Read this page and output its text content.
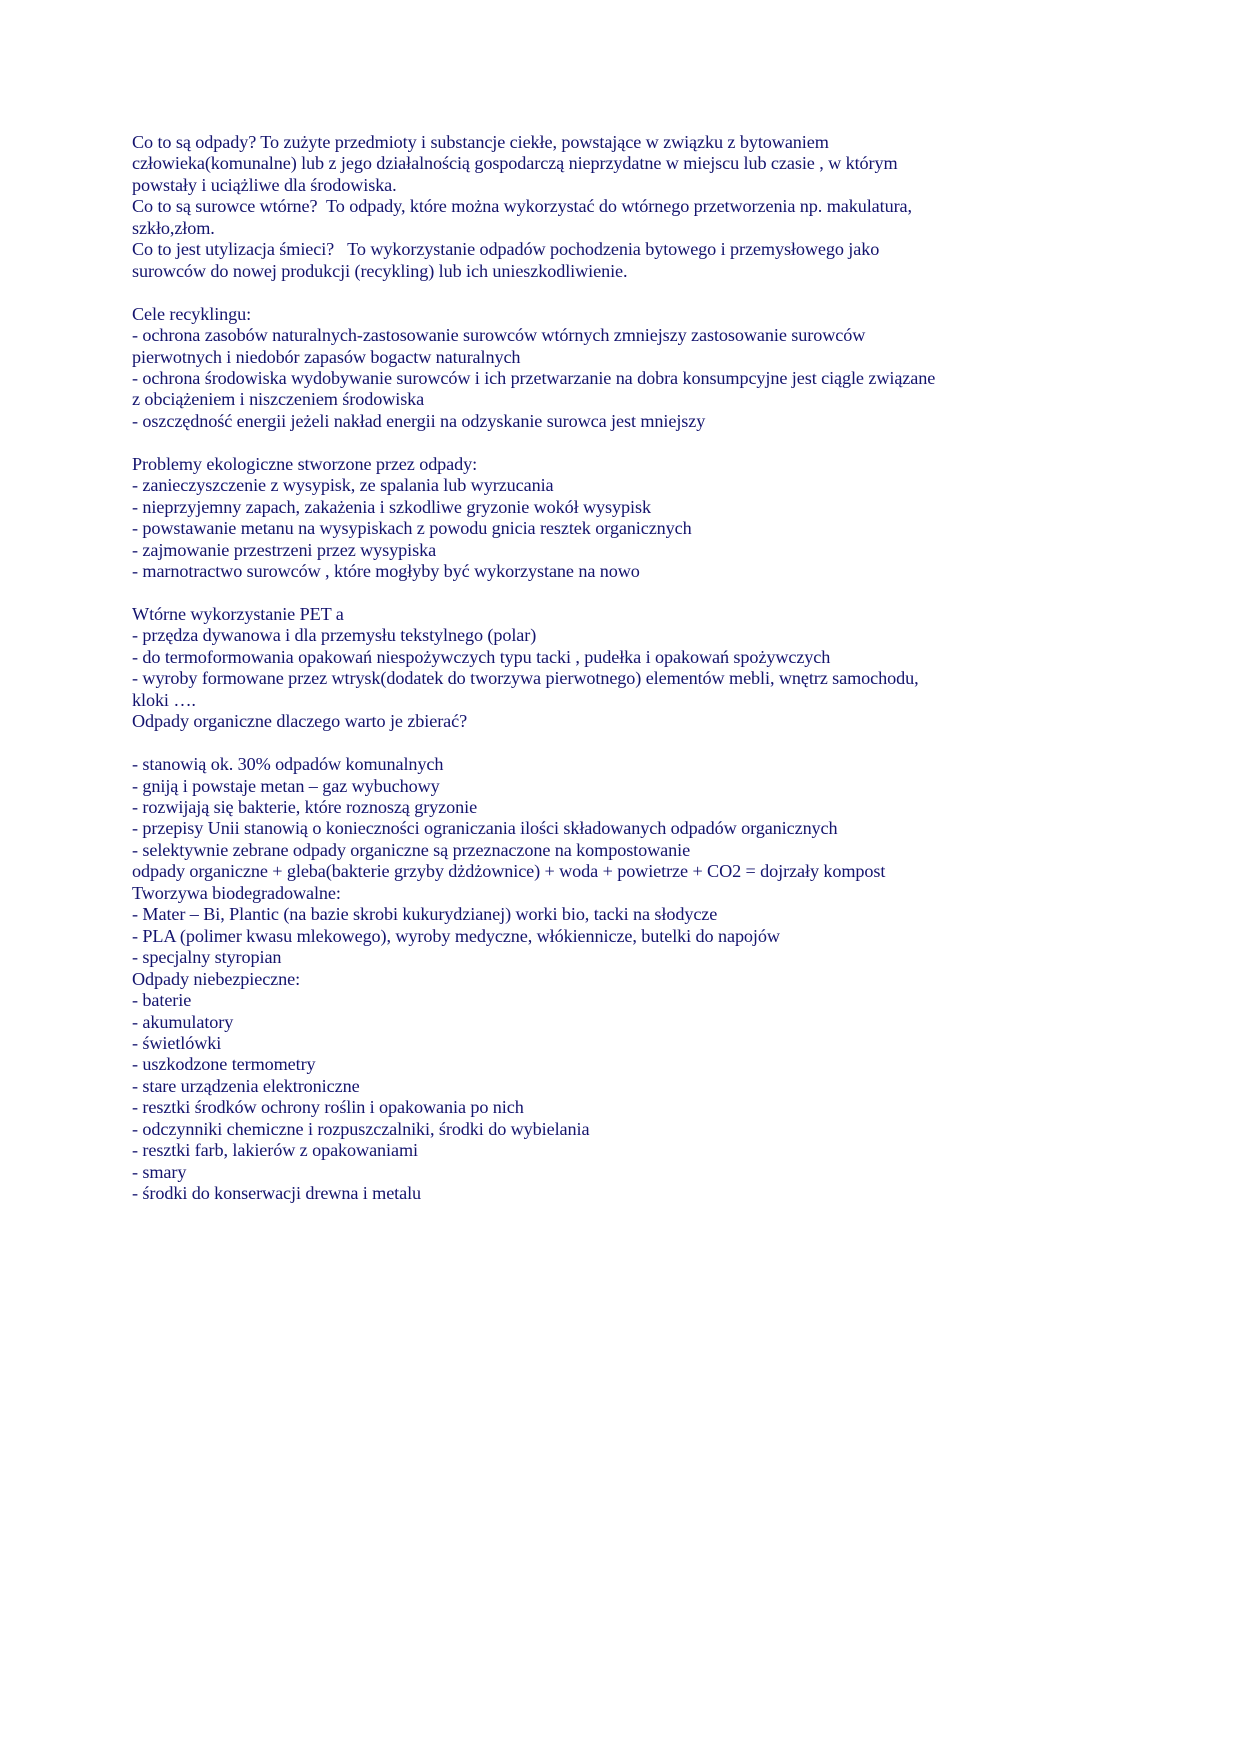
Co to są odpady? To zużyte przedmioty i substancje ciekłe, powstające w związku z bytowaniem
człowieka(komunalne) lub z jego działalnością gospodarczą nieprzydatne w miejscu lub czasie , w którym
powstały i uciążliwe dla środowiska.
Co to są surowce wtórne?  To odpady, które można wykorzystać do wtórnego przetworzenia np. makulatura,
szkło,złom.
Co to jest utylizacja śmieci?   To wykorzystanie odpadów pochodzenia bytowego i przemysłowego jako
surowców do nowej produkcji (recykling) lub ich unieszkodliwienie.
Cele recyklingu:
- ochrona zasobów naturalnych-zastosowanie surowców wtórnych zmniejszy zastosowanie surowców
pierwotnych i niedobór zapasów bogactw naturalnych
- ochrona środowiska wydobywanie surowców i ich przetwarzanie na dobra konsumpcyjne jest ciągle związane
z obciążeniem i niszczeniem środowiska
- oszczędność energii jeżeli nakład energii na odzyskanie surowca jest mniejszy
Problemy ekologiczne stworzone przez odpady:
- zanieczyszczenie z wysypisk, ze spalania lub wyrzucania
- nieprzyjemny zapach, zakażenia i szkodliwe gryzonie wokół wysypisk
- powstawanie metanu na wysypiskach z powodu gnicia resztek organicznych
- zajmowanie przestrzeni przez wysypiska
- marnotractwo surowców , które mogłyby być wykorzystane na nowo
Wtórne wykorzystanie PET a
- przędza dywanowa i dla przemysłu tekstylnego (polar)
- do termoformowania opakowań niespożywczych typu tacki , pudełka i opakowań spożywczych
- wyroby formowane przez wtrysk(dodatek do tworzywa pierwotnego) elementów mebli, wnętrz samochodu,
kloki ….
Odpady organiczne dlaczego warto je zbierać?
- stanowią ok. 30% odpadów komunalnych
- gniją i powstaje metan – gaz wybuchowy
- rozwijają się bakterie, które roznoszą gryzonie
- przepisy Unii stanowią o konieczności ograniczania ilości składowanych odpadów organicznych
- selektywnie zebrane odpady organiczne są przeznaczone na kompostowanie
odpady organiczne + gleba(bakterie grzyby dżdżownice) + woda + powietrze + CO2 = dojrzały kompost
Tworzywa biodegradowalne:
- Mater – Bi, Plantic (na bazie skrobi kukurydzianej) worki bio, tacki na słodycze
- PLA (polimer kwasu mlekowego), wyroby medyczne, włókiennicze, butelki do napojów
- specjalny styropian
Odpady niebezpieczne:
- baterie
- akumulatory
- świetlówki
- uszkodzone termometry
- stare urządzenia elektroniczne
- resztki środków ochrony roślin i opakowania po nich
- odczynniki chemiczne i rozpuszczalniki, środki do wybielania
- resztki farb, lakierów z opakowaniami
- smary
- środki do konserwacji drewna i metalu
